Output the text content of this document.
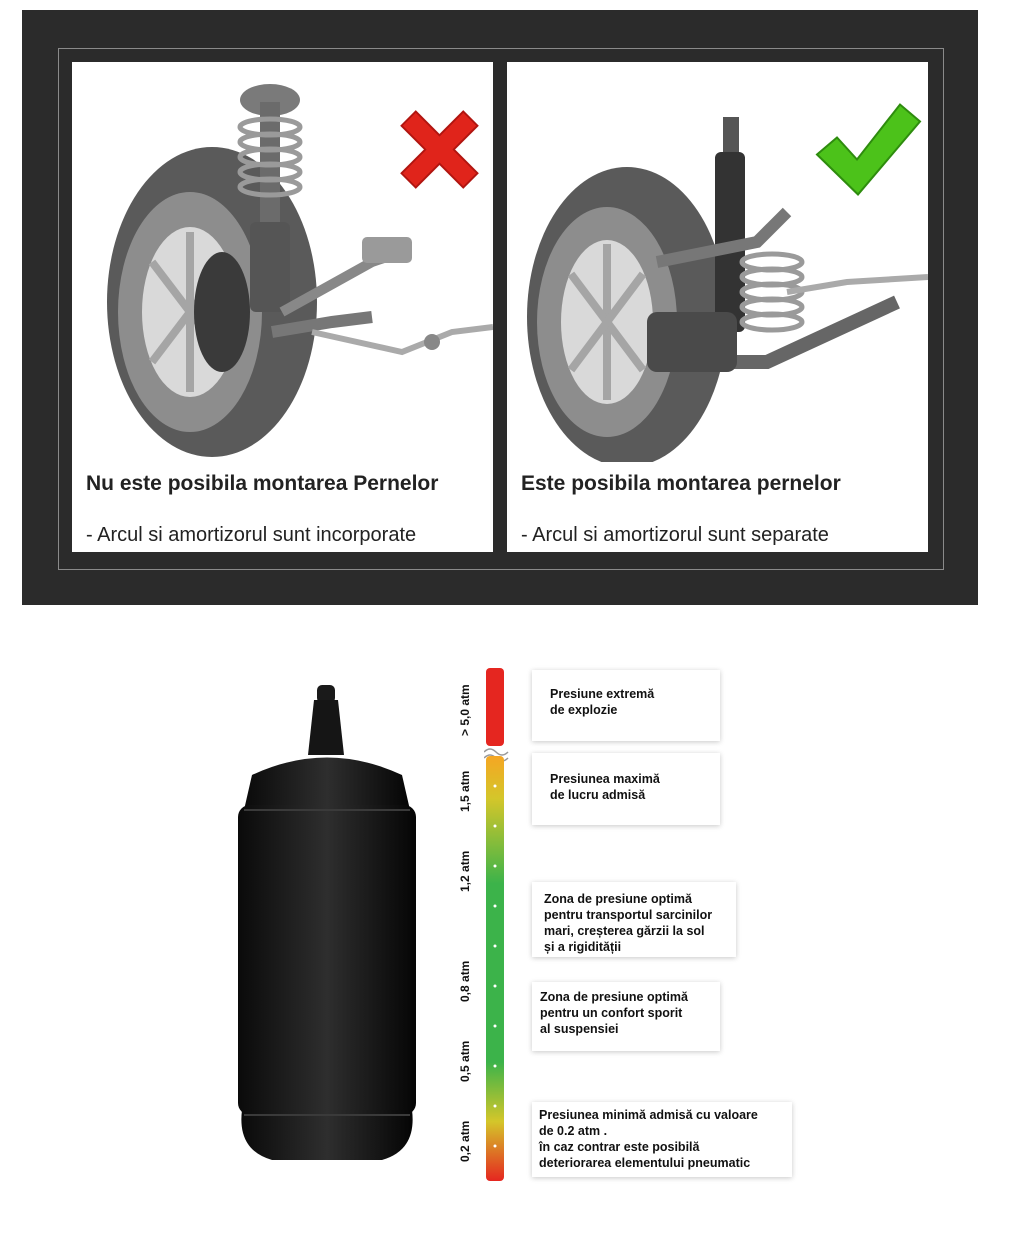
Nu este posibila montarea Pernelor
- Arcul si amortizorul sunt incorporate
Este posibila montarea pernelor
- Arcul si amortizorul sunt separate
> 5,0 atm
1,5 atm
1,2 atm
0,8 atm
0,5 atm
0,2 atm
Presiune extremă
de explozie
Presiunea maximă
de lucru admisă
Zona de presiune optimă
pentru transportul sarcinilor
mari, creșterea gărzii la sol
și a rigidității
Zona de presiune optimă
pentru un confort sporit
al suspensiei
Presiunea minimă admisă cu valoare
de 0.2 atm .
în caz contrar este posibilă
deteriorarea elementului pneumatic
